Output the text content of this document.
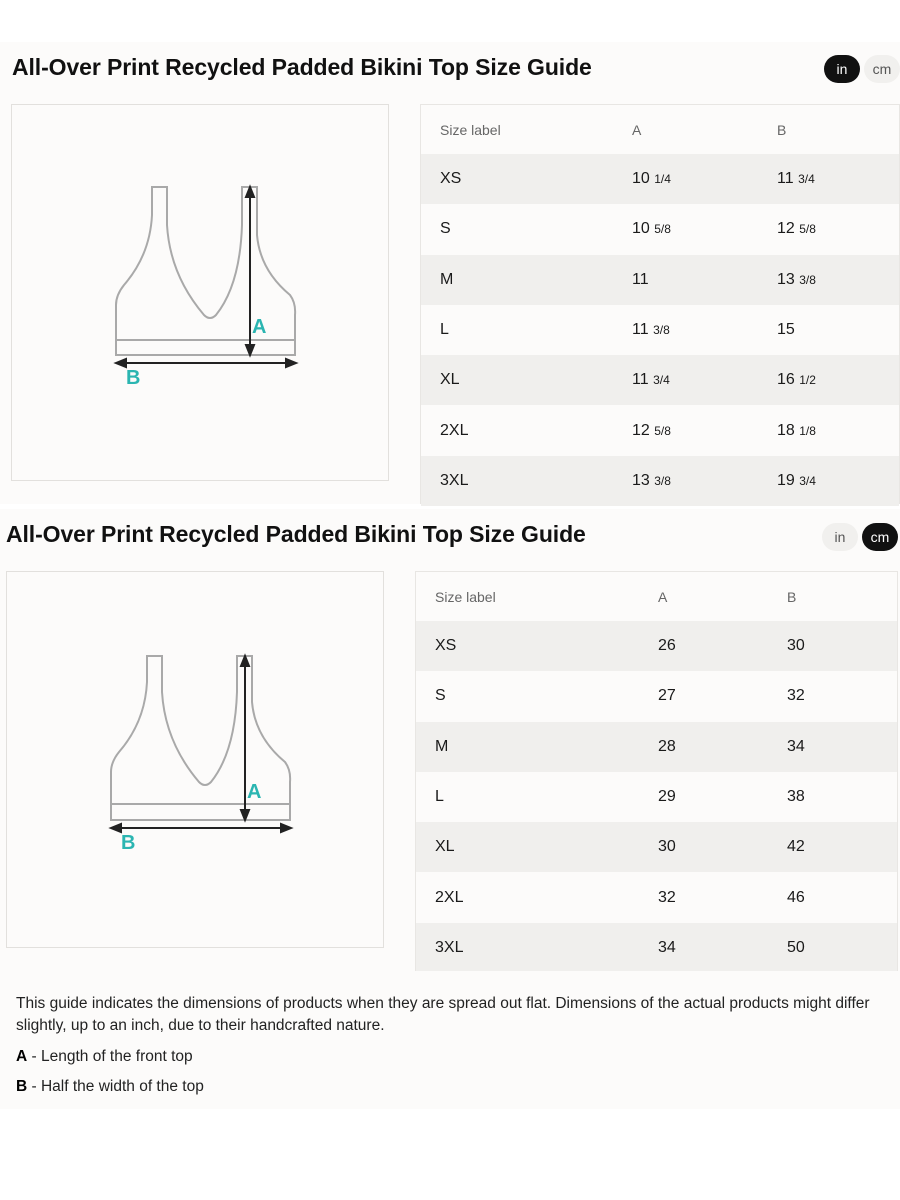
All-Over Print Recycled Padded Bikini Top Size Guide	in	cm
A
B
Size label	A	B
XS	10 1/4	11 3/4
S	10 5/8	12 5/8
M	11	13 3/8
L	11 3/8	15
XL	11 3/4	16 1/2
2XL	12 5/8	18 1/8
3XL	13 3/8	19 3/4
All-Over Print Recycled Padded Bikini Top Size Guide	in	cm
A
B
Size label	A	B
XS	26	30
S	27	32
M	28	34
L	29	38
XL	30	42
2XL	32	46
3XL	34	50

This guide indicates the dimensions of products when they are spread out flat. Dimensions of the actual products might differ

slightly, up to an inch, due to their handcrafted nature.

A - Length of the front top

B - Half the width of the top
